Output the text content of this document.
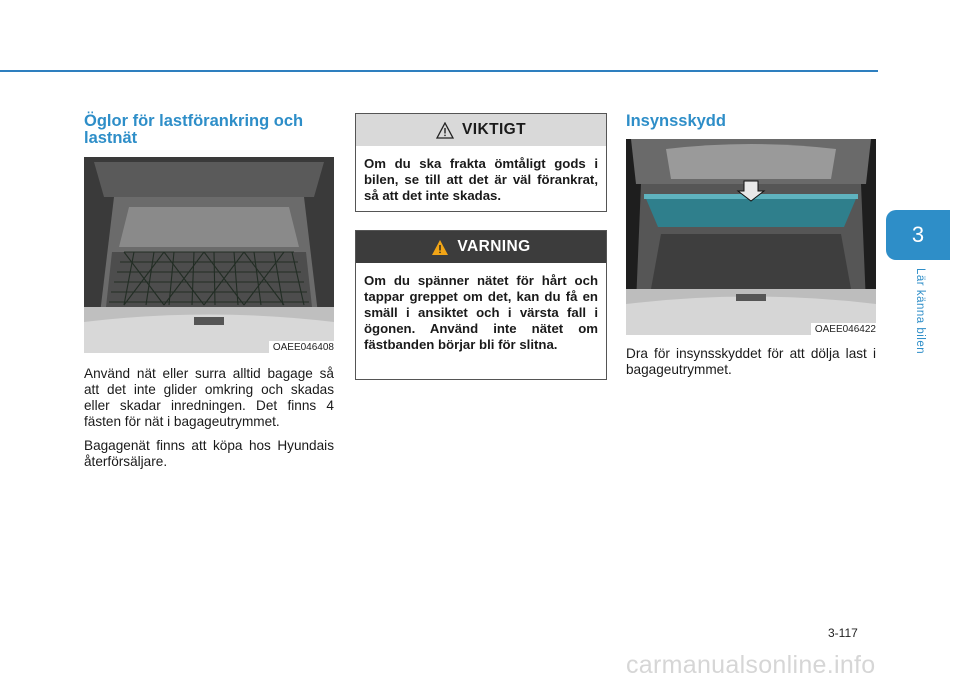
Öglor för lastförankring och lastnät
OAEE046408

Använd nät eller surra alltid bagage så att det inte glider omkring och skadas eller skadar inredningen. Det finns 4 fästen för nät i bagageutrymmet.

Bagagenät finns att köpa hos Hyundais återförsäljare.

VIKTIGT
Om du ska frakta ömtåligt gods i bilen, se till att det är väl förankrat, så att det inte skadas.
VARNING
Om du spänner nätet för hårt och tappar greppet om det, kan du få en smäll i ansiktet och i värsta fall i ögonen. Använd inte nätet om fästbanden börjar bli för slitna.
Insynsskydd
OAEE046422

Dra för insynsskyddet för att dölja last i bagageutrymmet.

3
Lär känna bilen
3-117
carmanualsonline.info
